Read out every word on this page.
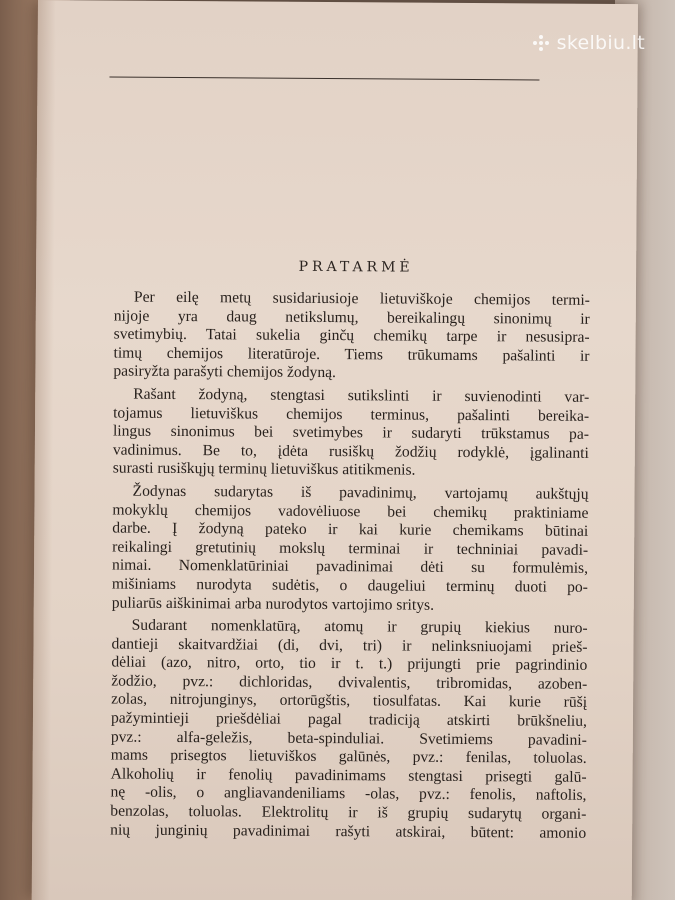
PRATARMĖ
Per eilę metų susidariusioje lietuviškoje chemijos termi-
nijoje yra daug netikslumų, bereikalingų sinonimų ir
svetimybių. Tatai sukelia ginčų chemikų tarpe ir nesusipra-
timų chemijos literatūroje. Tiems trūkumams pašalinti ir
pasiryžta parašyti chemijos žodyną.
Rašant žodyną, stengtasi sutikslinti ir suvienodinti var-
tojamus lietuviškus chemijos terminus, pašalinti bereika-
lingus sinonimus bei svetimybes ir sudaryti trūkstamus pa-
vadinimus. Be to, įdėta rusiškų žodžių rodyklė, įgalinanti
surasti rusiškųjų terminų lietuviškus atitikmenis.
Žodynas sudarytas iš pavadinimų, vartojamų aukštųjų
mokyklų chemijos vadovėliuose bei chemikų praktiniame
darbe. Į žodyną pateko ir kai kurie chemikams būtinai
reikalingi gretutinių mokslų terminai ir techniniai pavadi-
nimai. Nomenklatūriniai pavadinimai dėti su formulėmis,
mišiniams nurodyta sudėtis, o daugeliui terminų duoti po-
puliarūs aiškinimai arba nurodytos vartojimo sritys.
Sudarant nomenklatūrą, atomų ir grupių kiekius nuro-
dantieji skaitvardžiai (di, dvi, tri) ir nelinksniuojami prieš-
dėliai (azo, nitro, orto, tio ir t. t.) prijungti prie pagrindinio
žodžio, pvz.: dichloridas, dvivalentis, tribromidas, azoben-
zolas, nitrojunginys, ortorūgštis, tiosulfatas. Kai kurie rūšį
pažymintieji priešdėliai pagal tradiciją atskirti brūkšneliu,
pvz.: alfa-geležis, beta-spinduliai. Svetimiems pavadini-
mams prisegtos lietuviškos galūnės, pvz.: fenilas, toluolas.
Alkoholių ir fenolių pavadinimams stengtasi prisegti galū-
nę -olis, o angliavandeniliams -olas, pvz.: fenolis, naftolis,
benzolas, toluolas. Elektrolitų ir iš grupių sudarytų organi-
nių junginių pavadinimai rašyti atskirai, būtent: amonio
skelbiu.lt
